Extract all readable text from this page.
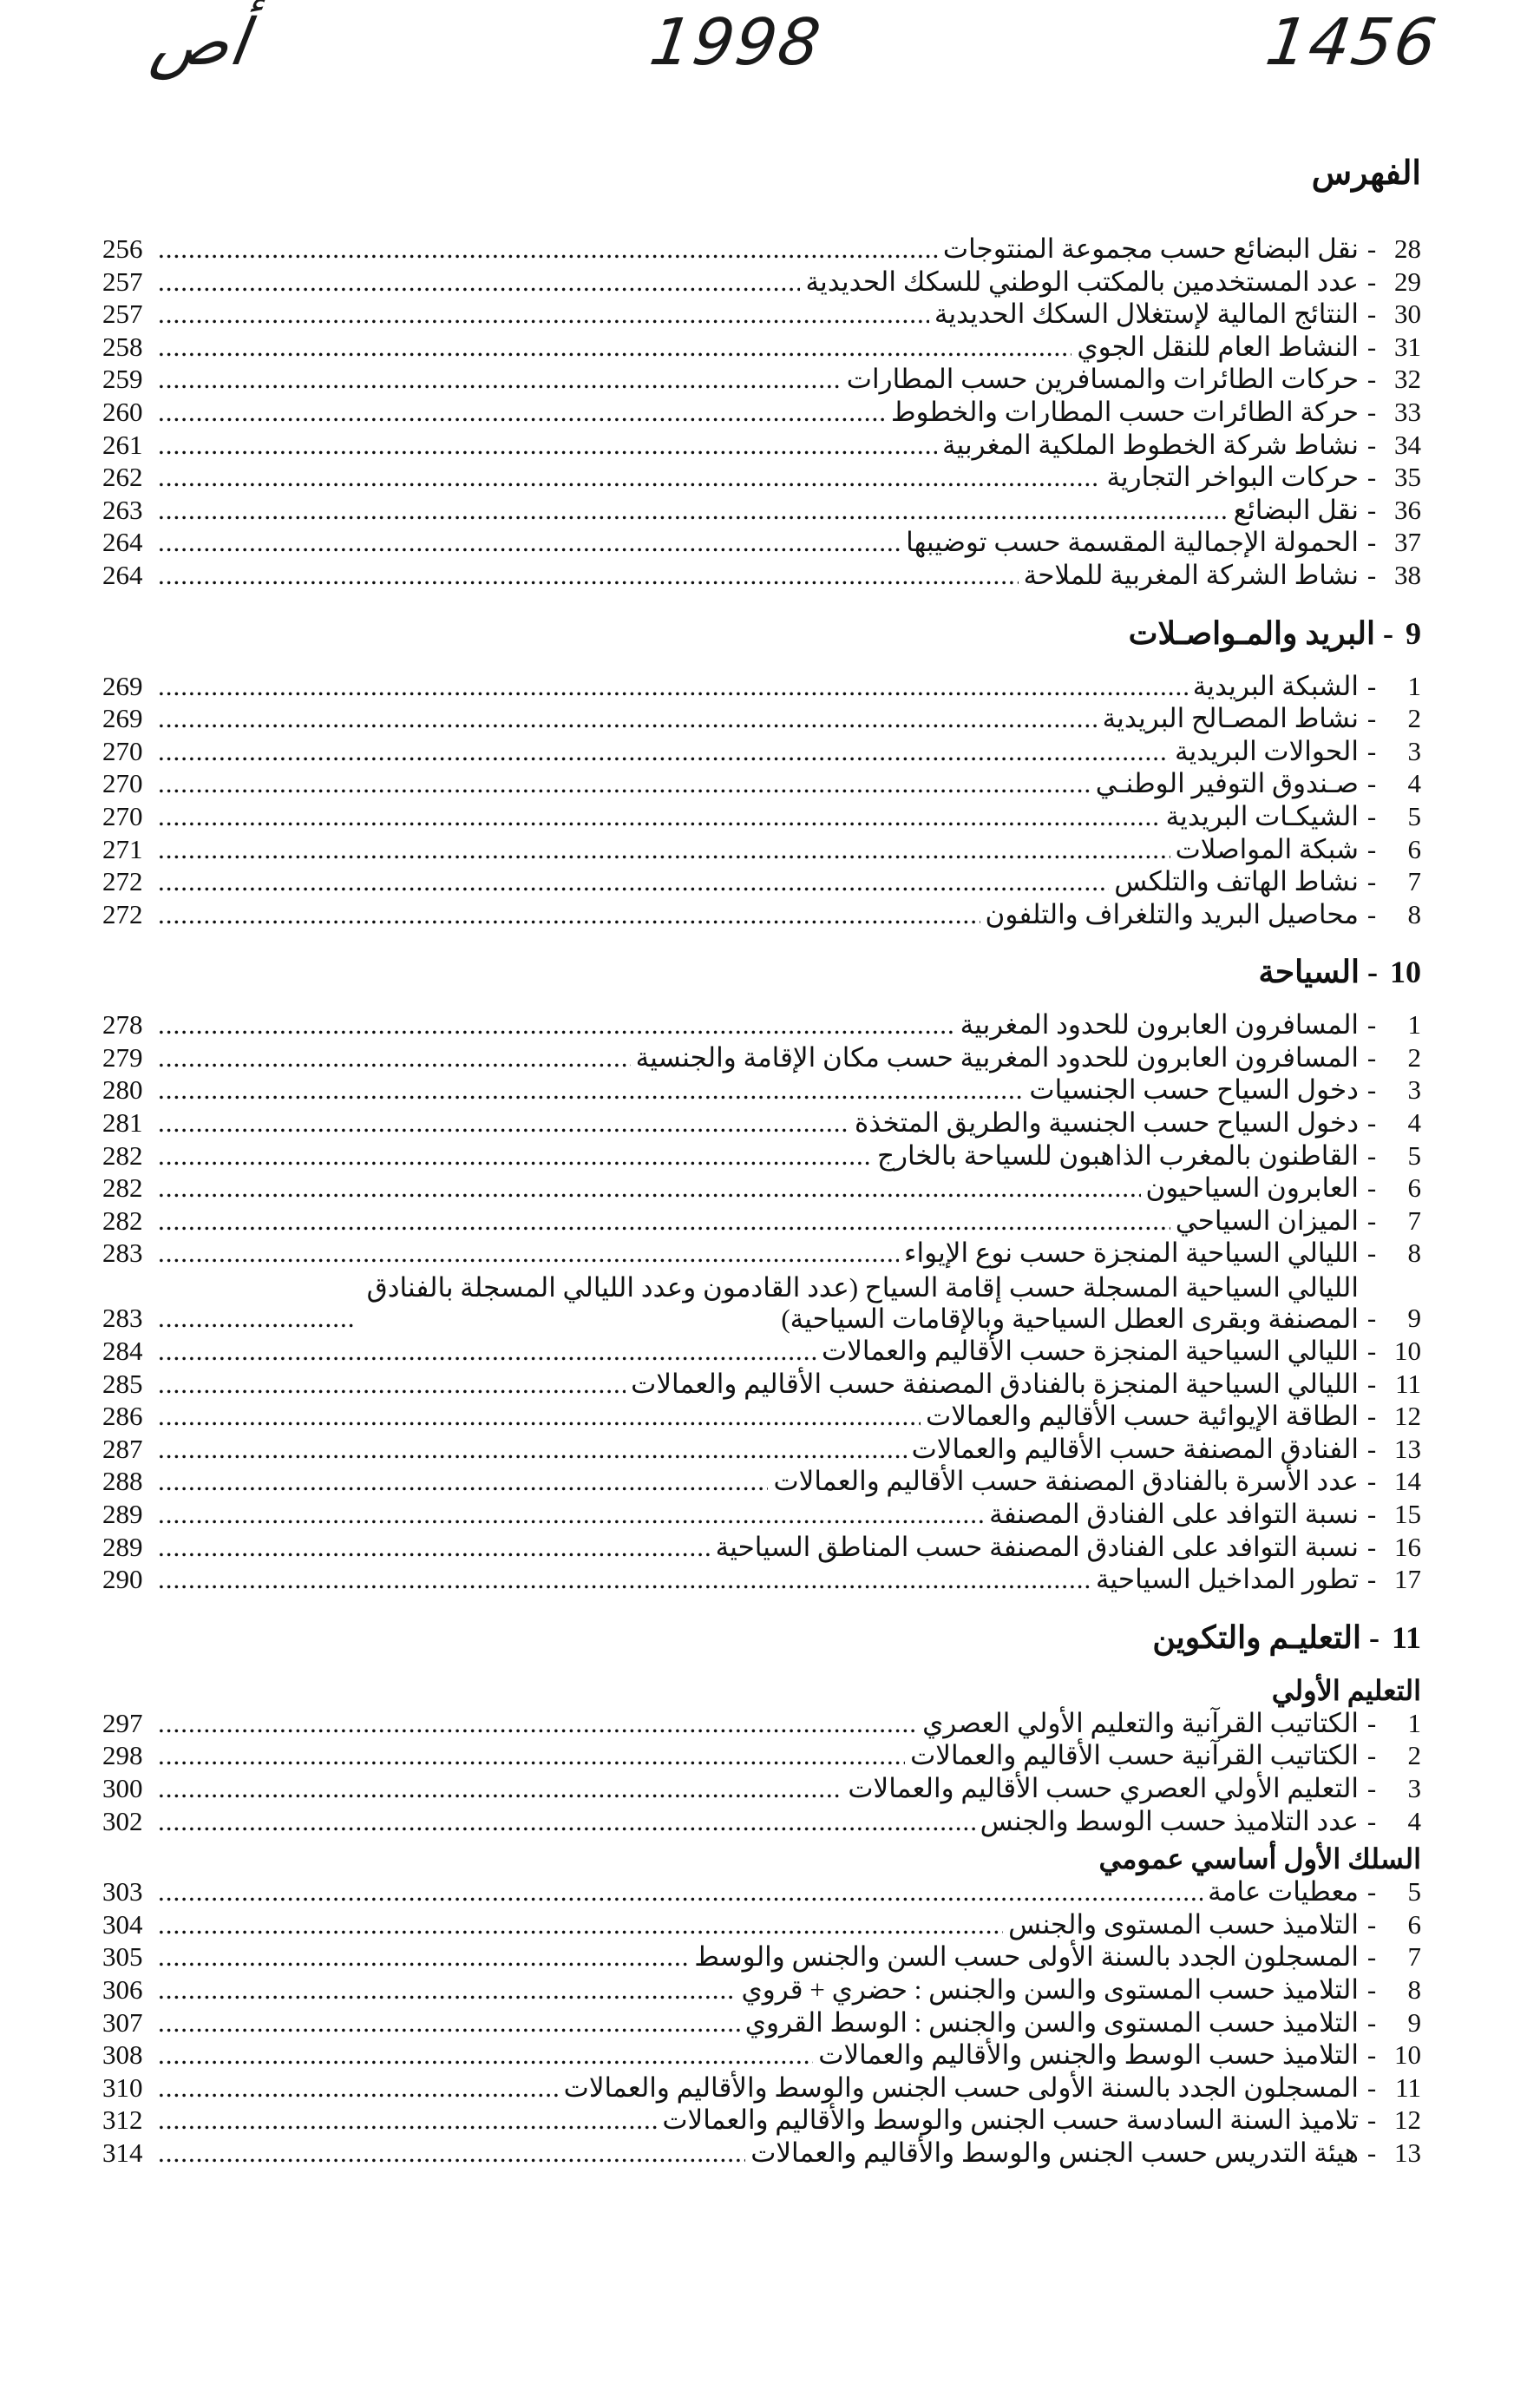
ﺃﺹ	1998	1456
الفهرس
28
-
نقل البضائع حسب مجموعة المنتوجات
.....
256
29
-
عدد المستخدمين بالمكتب الوطني للسكك الحديدية
.....
257
30
-
النتائج المالية لإستغلال السكك الحديدية
.....
257
31
-
النشاط العام للنقل الجوي
.....
258
32
-
حركات الطائرات والمسافرين حسب المطارات
.....
259
33
-
حركة الطائرات حسب المطارات والخطوط
.....
260
34
-
نشاط شركة الخطوط الملكية المغربية
.....
261
35
-
حركات البواخر التجارية
.....
262
36
-
نقل البضائع
.....
263
37
-
الحمولة الإجمالية المقسمة حسب توضيبها
.....
264
38
-
نشاط الشركة المغربية للملاحة
.....
264
9- البريد والمـواصـلات
1
-
الشبكة البريدية
.....
269
2
-
نشاط المصـالح البريدية
.....
269
3
-
الحوالات البريدية
.....
270
4
-
صـندوق التوفير الوطنـي
.....
270
5
-
الشيكـات البريدية
.....
270
6
-
شبكة المواصلات
.....
271
7
-
نشاط الهاتف والتلكس
.....
272
8
-
محاصيل البريد والتلغراف والتلفون
.....
272
10- السياحة
1
-
المسافرون العابرون للحدود المغربية
.....
278
2
-
المسافرون العابرون للحدود المغربية حسب مكان الإقامة والجنسية
.....
279
3
-
دخول السياح حسب الجنسيات
.....
280
4
-
دخول السياح حسب الجنسية والطريق المتخذة
.....
281
5
-
القاطنون بالمغرب الذاهبون للسياحة بالخارج
.....
282
6
-
العابرون السياحيون
.....
282
7
-
الميزان السياحي
.....
282
8
-
الليالي السياحية المنجزة حسب نوع الإيواء
.....
283
9
-
الليالي السياحية المسجلة حسب إقامة السياح (عدد القادمون وعدد الليالي المسجلة بالفنادق المصنفة وبقرى العطل السياحية وبالإقامات السياحية)
.....
283
10
-
الليالي السياحية المنجزة حسب الأقاليم والعمالات
.....
284
11
-
الليالي السياحية المنجزة بالفنادق المصنفة حسب الأقاليم والعمالات
.....
285
12
-
الطاقة الإيوائية حسب الأقاليم والعمالات
.....
286
13
-
الفنادق المصنفة حسب الأقاليم والعمالات
.....
287
14
-
عدد الأسرة بالفنادق المصنفة حسب الأقاليم والعمالات
.....
288
15
-
نسبة التوافد على الفنادق المصنفة
.....
289
16
-
نسبة التوافد على الفنادق المصنفة حسب المناطق السياحية
.....
289
17
-
تطور المداخيل السياحية
.....
290
11- التعليـم والتكوين
التعليم الأولي
1
-
الكتاتيب القرآنية والتعليم الأولي العصري
.....
297
2
-
الكتاتيب القرآنية حسب الأقاليم والعمالات
.....
298
3
-
التعليم الأولي العصري حسب الأقاليم والعمالات
.....
300
4
-
عدد التلاميذ حسب الوسط والجنس
.....
302
السلك الأول أساسي عمومي
5
-
معطيات عامة
.....
303
6
-
التلاميذ حسب المستوى والجنس
.....
304
7
-
المسجلون الجدد بالسنة الأولى حسب السن والجنس والوسط
.....
305
8
-
التلاميذ حسب المستوى والسن والجنس : حضري + قروي
.....
306
9
-
التلاميذ حسب المستوى والسن والجنس : الوسط القروي
.....
307
10
-
التلاميذ حسب الوسط والجنس والأقاليم والعمالات
.....
308
11
-
المسجلون الجدد بالسنة الأولى حسب الجنس والوسط والأقاليم والعمالات
.....
310
12
-
تلاميذ السنة السادسة حسب الجنس والوسط والأقاليم والعمالات
.....
312
13
-
هيئة التدريس حسب الجنس والوسط والأقاليم والعمالات
.....
314
